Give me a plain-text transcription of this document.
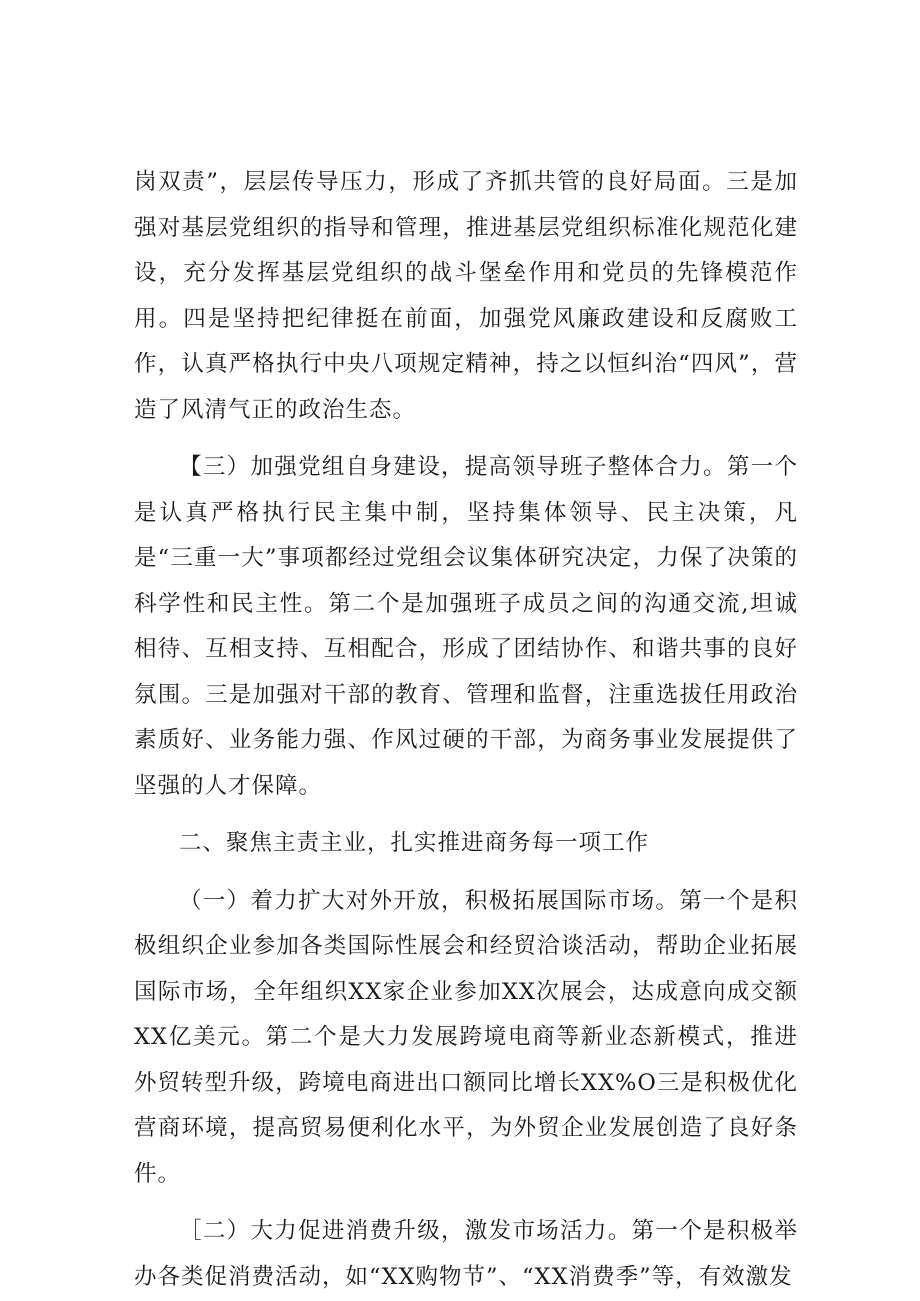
岗双责”，层层传导压力，形成了齐抓共管的良好局面。三是加强对基层党组织的指导和管理，推进基层党组织标准化规范化建设，充分发挥基层党组织的战斗堡垒作用和党员的先锋模范作用。四是坚持把纪律挺在前面，加强党风廉政建设和反腐败工作，认真严格执行中央八项规定精神，持之以恒纠治“四风”，营造了风清气正的政治生态。

【三）加强党组自身建设，提高领导班子整体合力。第一个是认真严格执行民主集中制，坚持集体领导、民主决策，凡是“三重一大”事项都经过党组会议集体研究决定，力保了决策的科学性和民主性。第二个是加强班子成员之间的沟通交流,坦诚相待、互相支持、互相配合，形成了团结协作、和谐共事的良好氛围。三是加强对干部的教育、管理和监督，注重选拔任用政治素质好、业务能力强、作风过硬的干部，为商务事业发展提供了坚强的人才保障。

二、聚焦主责主业，扎实推进商务每一项工作

（一）着力扩大对外开放，积极拓展国际市场。第一个是积极组织企业参加各类国际性展会和经贸洽谈活动，帮助企业拓展国际市场，全年组织XX家企业参加XX次展会，达成意向成交额XX亿美元。第二个是大力发展跨境电商等新业态新模式，推进外贸转型升级，跨境电商进出口额同比增长XX%O三是积极优化营商环境，提高贸易便利化水平，为外贸企业发展创造了良好条件。

［二）大力促进消费升级，激发市场活力。第一个是积极举办各类促消费活动，如“XX购物节”、“XX消费季”等，有效激发
